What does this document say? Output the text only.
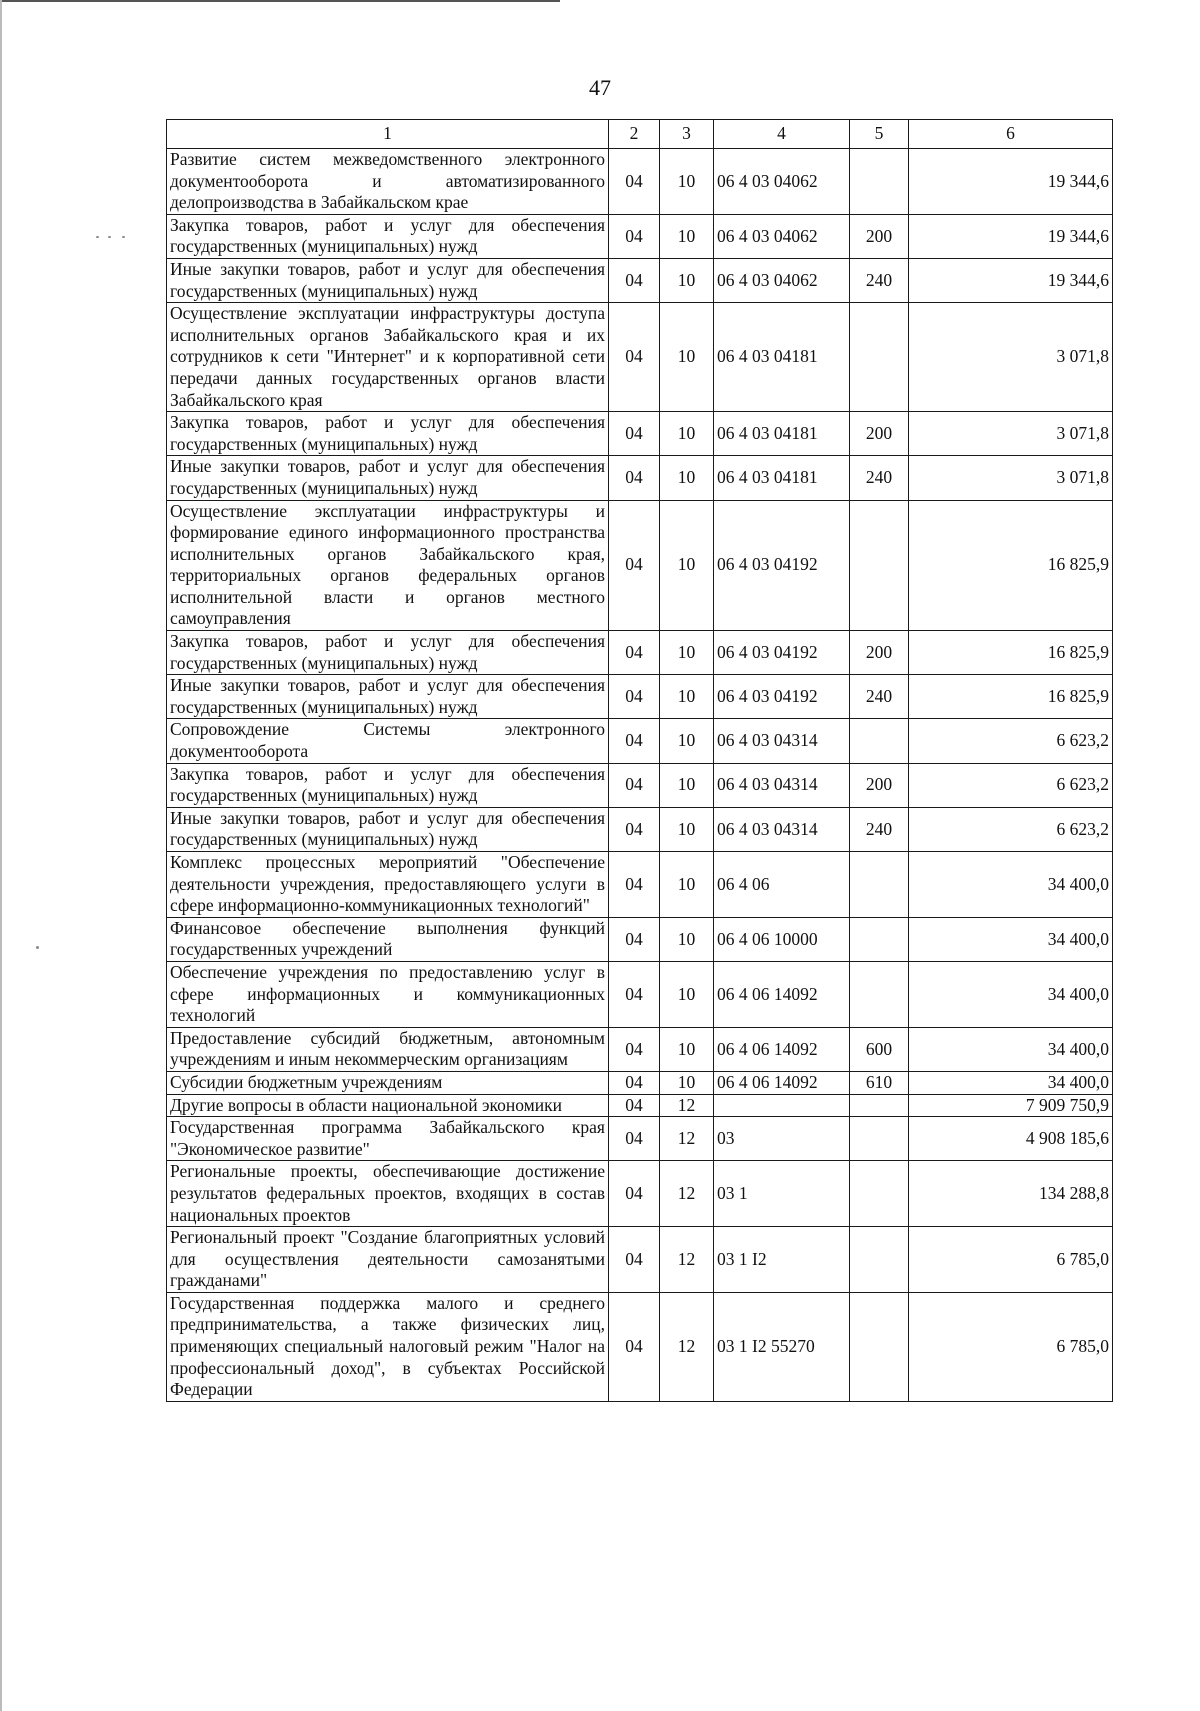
47
1	2	3	4	5	6
Развитие систем межведомственного электронного документооборота и автоматизированного делопроизводства в Забайкальском крае	04	10	06 4 03 04062		19 344,6
Закупка товаров, работ и услуг для обеспечения государственных (муниципальных) нужд	04	10	06 4 03 04062	200	19 344,6
Иные закупки товаров, работ и услуг для обеспечения государственных (муниципальных) нужд	04	10	06 4 03 04062	240	19 344,6
Осуществление эксплуатации инфраструктуры доступа исполнительных органов Забайкальского края и их сотрудников к сети "Интернет" и к корпоративной сети передачи данных государственных органов власти Забайкальского края	04	10	06 4 03 04181		3 071,8
Закупка товаров, работ и услуг для обеспечения государственных (муниципальных) нужд	04	10	06 4 03 04181	200	3 071,8
Иные закупки товаров, работ и услуг для обеспечения государственных (муниципальных) нужд	04	10	06 4 03 04181	240	3 071,8
Осуществление эксплуатации инфраструктуры и формирование единого информационного пространства исполнительных органов Забайкальского края, территориальных органов федеральных органов исполнительной власти и органов местного самоуправления	04	10	06 4 03 04192		16 825,9
Закупка товаров, работ и услуг для обеспечения государственных (муниципальных) нужд	04	10	06 4 03 04192	200	16 825,9
Иные закупки товаров, работ и услуг для обеспечения государственных (муниципальных) нужд	04	10	06 4 03 04192	240	16 825,9
Сопровождение Системы электронного документооборота	04	10	06 4 03 04314		6 623,2
Закупка товаров, работ и услуг для обеспечения государственных (муниципальных) нужд	04	10	06 4 03 04314	200	6 623,2
Иные закупки товаров, работ и услуг для обеспечения государственных (муниципальных) нужд	04	10	06 4 03 04314	240	6 623,2
Комплекс процессных мероприятий "Обеспечение деятельности учреждения, предоставляющего услуги в сфере информационно-коммуникационных технологий"	04	10	06 4 06		34 400,0
Финансовое обеспечение выполнения функций государственных учреждений	04	10	06 4 06 10000		34 400,0
Обеспечение учреждения по предоставлению услуг в сфере информационных и коммуникационных технологий	04	10	06 4 06 14092		34 400,0
Предоставление субсидий бюджетным, автономным учреждениям и иным некоммерческим организациям	04	10	06 4 06 14092	600	34 400,0
Субсидии бюджетным учреждениям	04	10	06 4 06 14092	610	34 400,0
Другие вопросы в области национальной экономики	04	12			7 909 750,9
Государственная программа Забайкальского края "Экономическое развитие"	04	12	03		4 908 185,6
Региональные проекты, обеспечивающие достижение результатов федеральных проектов, входящих в состав национальных проектов	04	12	03 1		134 288,8
Региональный проект "Создание благоприятных условий для осуществления деятельности самозанятыми гражданами"	04	12	03 1 I2		6 785,0
Государственная поддержка малого и среднего предпринимательства, а также физических лиц, применяющих специальный налоговый режим "Налог на профессиональный доход", в субъектах Российской Федерации	04	12	03 1 I2 55270		6 785,0
